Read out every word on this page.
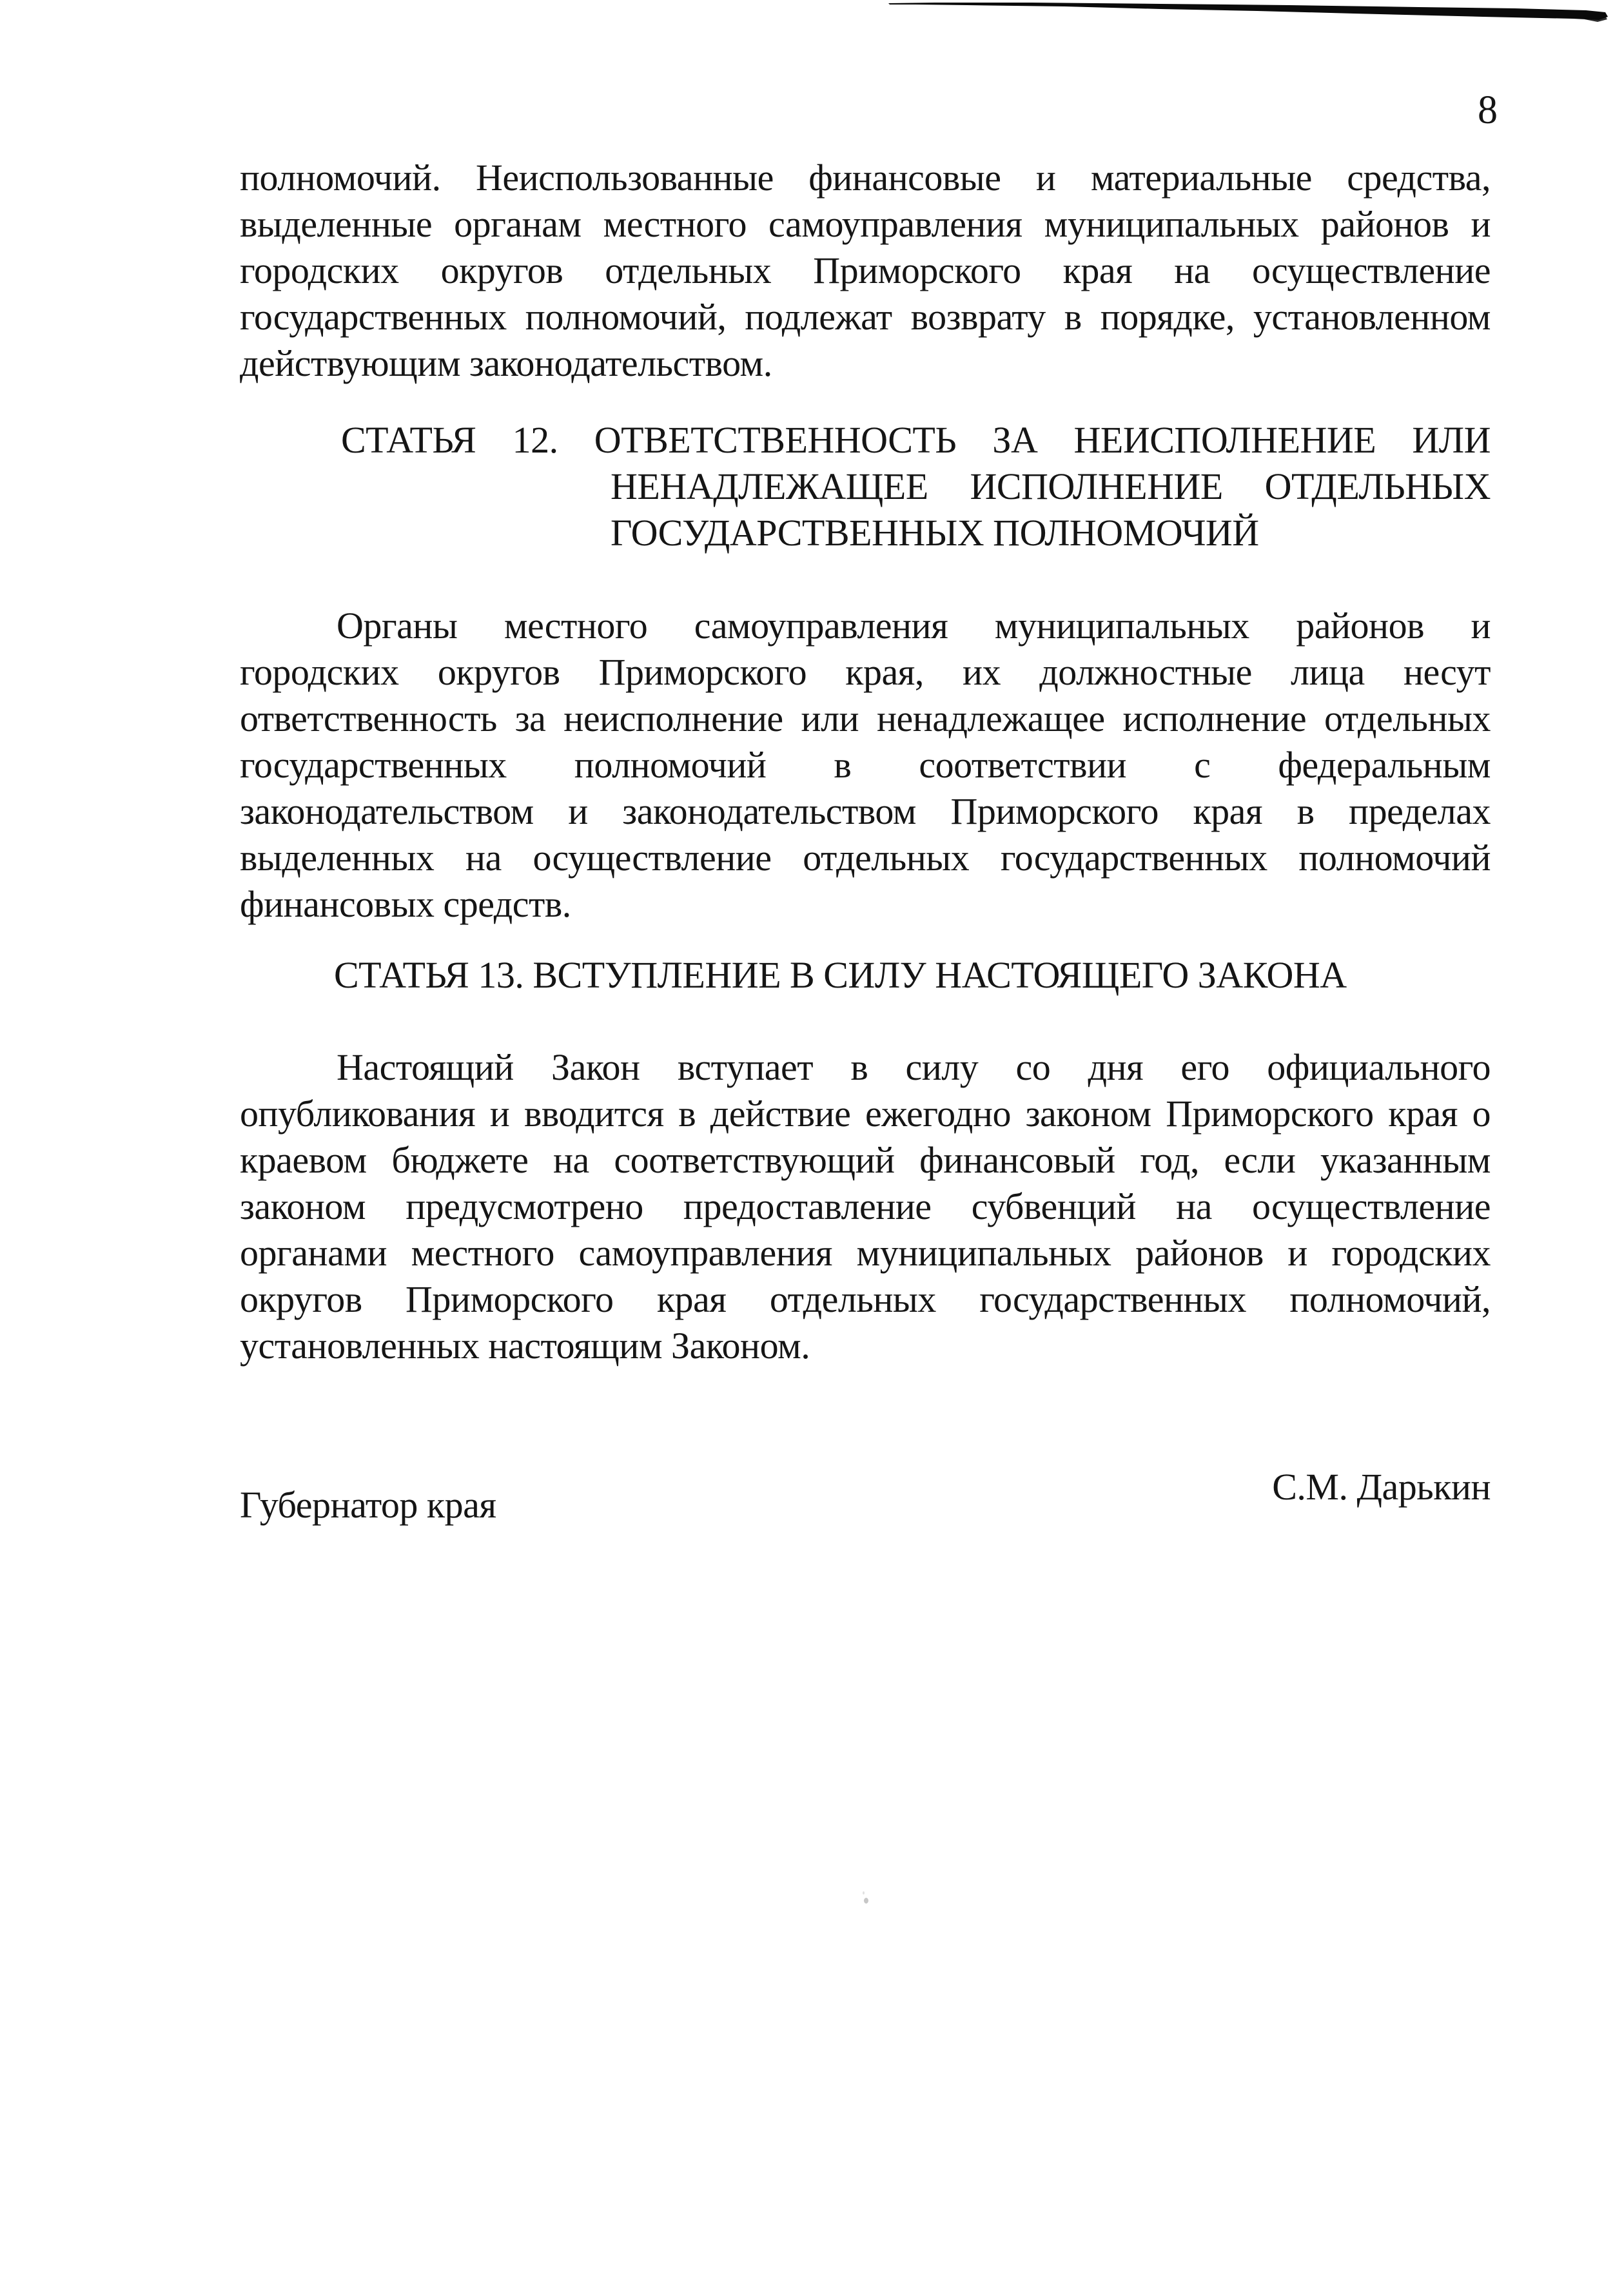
8
полномочий. Неиспользованные финансовые и материальные средства,
выделенные органам местного самоуправления муниципальных районов и
городских округов отдельных Приморского края на осуществление
государственных полномочий, подлежат возврату в порядке, установленном
действующим законодательством.
СТАТЬЯ 12. ОТВЕТСТВЕННОСТЬ ЗА НЕИСПОЛНЕНИЕ ИЛИ
НЕНАДЛЕЖАЩЕЕ ИСПОЛНЕНИЕ ОТДЕЛЬНЫХ
ГОСУДАРСТВЕННЫХ ПОЛНОМОЧИЙ
Органы местного самоуправления муниципальных районов и
городских округов Приморского края, их должностные лица несут
ответственность за неисполнение или ненадлежащее исполнение отдельных
государственных полномочий в соответствии с федеральным
законодательством и законодательством Приморского края в пределах
выделенных на осуществление отдельных государственных полномочий
финансовых средств.
СТАТЬЯ 13. ВСТУПЛЕНИЕ В СИЛУ НАСТОЯЩЕГО ЗАКОНА
Настоящий Закон вступает в силу со дня его официального
опубликования и вводится в действие ежегодно законом Приморского края о
краевом бюджете на соответствующий финансовый год, если указанным
законом предусмотрено предоставление субвенций на осуществление
органами местного самоуправления муниципальных районов и городских
округов Приморского края отдельных государственных полномочий,
установленных настоящим Законом.
Губернатор края	С.М. Дарькин
